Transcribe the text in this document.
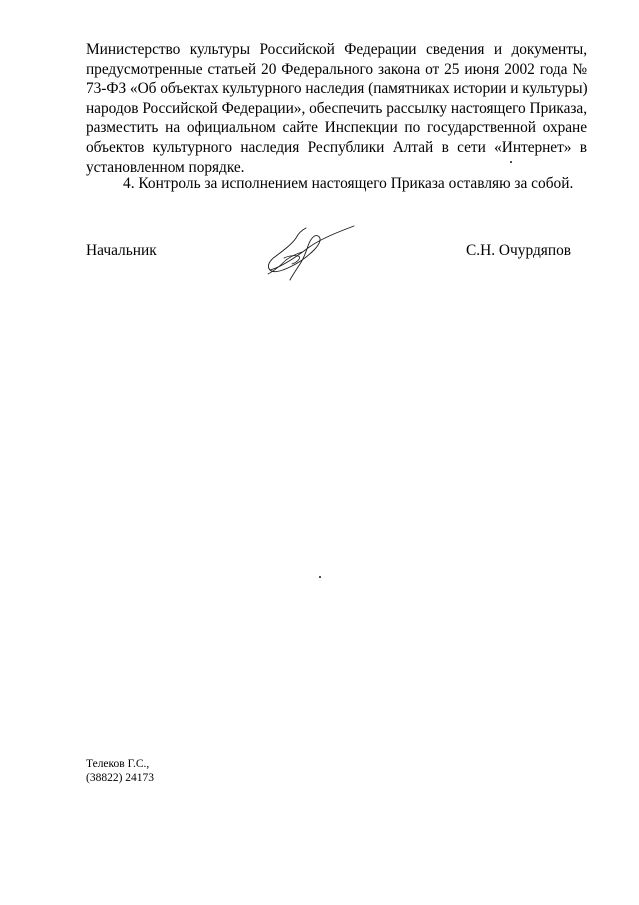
Министерство культуры Российской Федерации сведения и документы,
предусмотренные статьей 20 Федерального закона от 25 июня 2002 года №
73-ФЗ «Об объектах культурного наследия (памятниках истории и культуры)
народов Российской Федерации», обеспечить рассылку настоящего Приказа,
разместить на официальном сайте Инспекции по государственной охране
объектов культурного наследия Республики Алтай в сети «Интернет» в
установленном порядке.

4. Контроль за исполнением настоящего Приказа оставляю за собой.

Начальник	С.Н. Очурдяпов

Телеков Г.С.,
(38822) 24173
